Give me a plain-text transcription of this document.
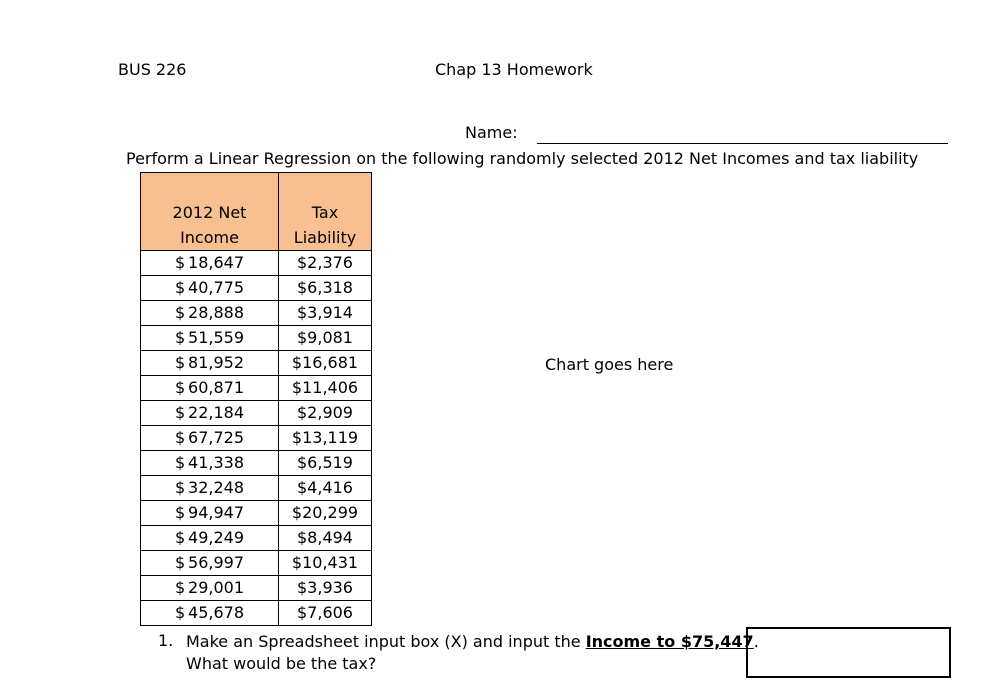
BUS 226	Chap 13 Homework
Name:
Perform a Linear Regression on the following randomly selected 2012 Net Incomes and tax liability
2012 Net
Income	Tax
Liability

$ 18,647	$2,376

$ 40,775	$6,318

$ 28,888	$3,914

$ 51,559	$9,081

$ 81,952	$16,681

$ 60,871	$11,406

$ 22,184	$2,909

$ 67,725	$13,119

$ 41,338	$6,519

$ 32,248	$4,416

$ 94,947	$20,299

$ 49,249	$8,494

$ 56,997	$10,431

$ 29,001	$3,936

$ 45,678	$7,606
Chart goes here
1. Make an Spreadsheet input box (X) and input the Income to $75,447.
What would be the tax?
